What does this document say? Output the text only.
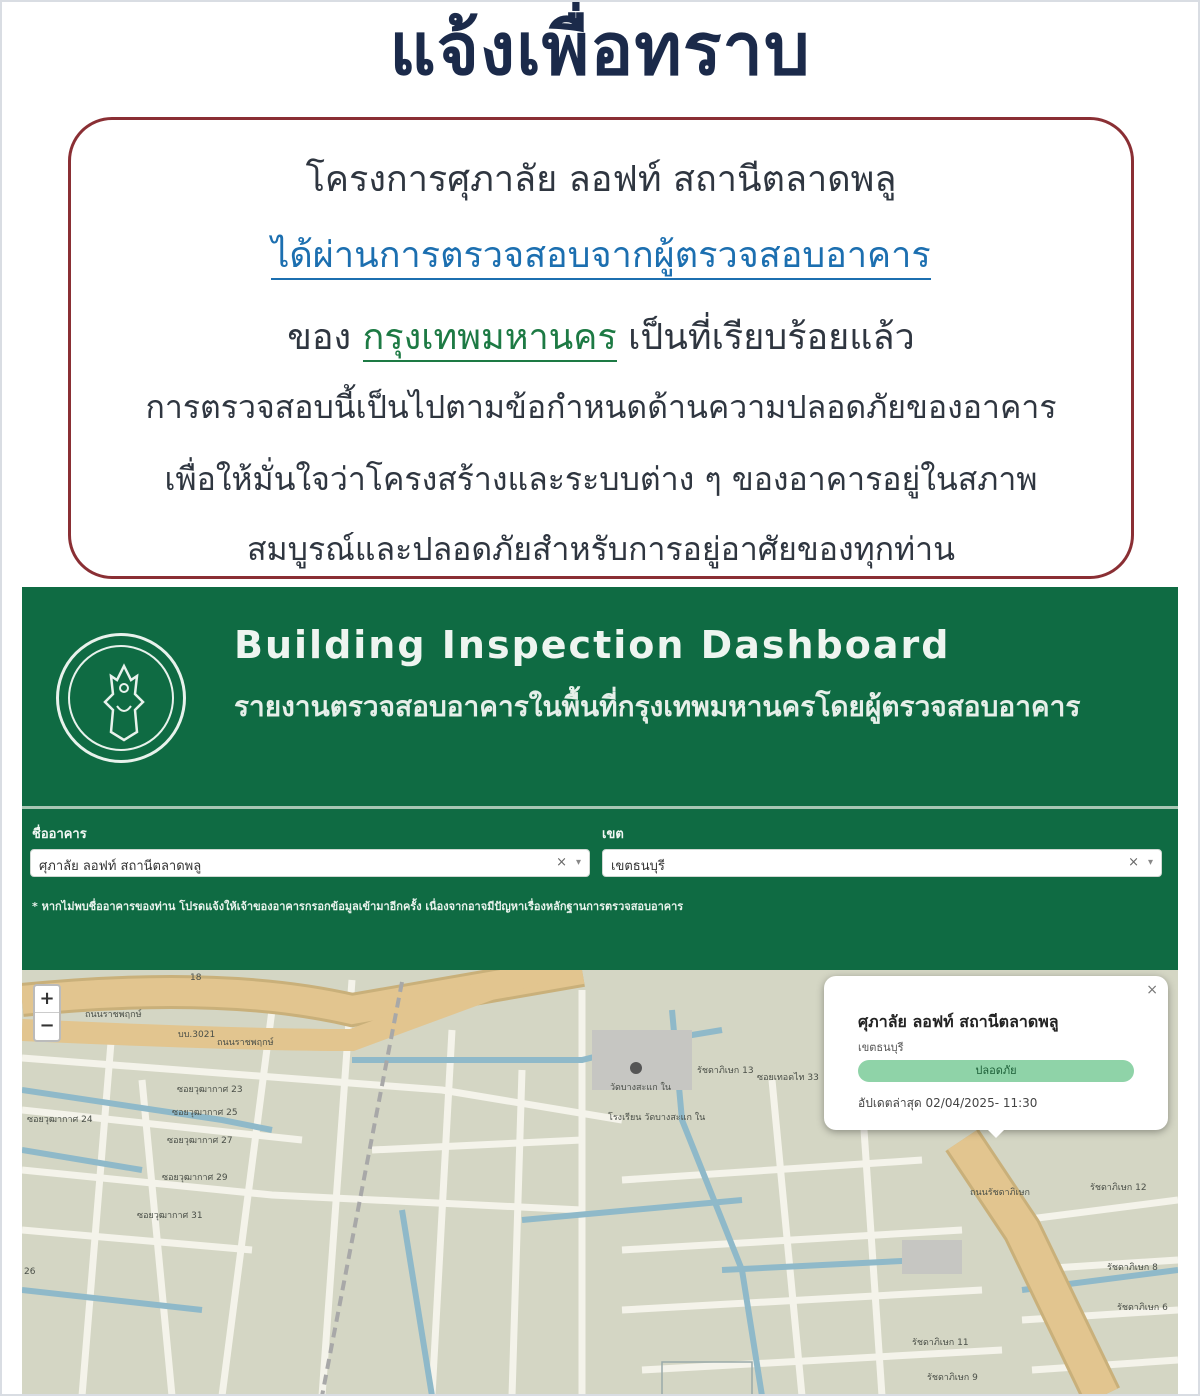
แจ้งเพื่อทราบ
โครงการศุภาลัย ลอฟท์ สถานีตลาดพลู
ได้ผ่านการตรวจสอบจากผู้ตรวจสอบอาคาร
ของ กรุงเทพมหานคร เป็นที่เรียบร้อยแล้ว
การตรวจสอบนี้เป็นไปตามข้อกำหนดด้านความปลอดภัยของอาคาร
เพื่อให้มั่นใจว่าโครงสร้างและระบบต่าง ๆ ของอาคารอยู่ในสภาพ
สมบูรณ์และปลอดภัยสำหรับการอยู่อาศัยของทุกท่าน
Building Inspection Dashboard
รายงานตรวจสอบอาคารในพื้นที่กรุงเทพมหานครโดยผู้ตรวจสอบอาคาร
ชื่ออาคาร
ศุภาลัย ลอฟท์ สถานีตลาดพลู	× ▾
เขต
เขตธนบุรี	× ▾
* หากไม่พบชื่ออาคารของท่าน โปรดแจ้งให้เจ้าของอาคารกรอกข้อมูลเข้ามาอีกครั้ง เนื่องจากอาจมีปัญหาเรื่องหลักฐานการตรวจสอบอาคาร
ถนนราชพฤกษ์
ถนนราชพฤกษ์
บบ.3021
ซอยวุฒากาศ 23
ซอยวุฒากาศ 25
ซอยวุฒากาศ 27
ซอยวุฒากาศ 29
ซอยวุฒากาศ 31
ซอยวุฒากาศ 24
26
18
วัดบางสะแก ใน
โรงเรียน วัดบางสะแก ใน
รัชดาภิเษก 13
รัชดาภิเษก 12
รัชดาภิเษก 11
รัชดาภิเษก 9
รัชดาภิเษก 8
รัชดาภิเษก 6
ถนนรัชดาภิเษก
ซอยเทอดไท 33
+
−
×
ศุภาลัย ลอฟท์ สถานีตลาดพลู
เขตธนบุรี
ปลอดภัย
อัปเดตล่าสุด 02/04/2025- 11:30
